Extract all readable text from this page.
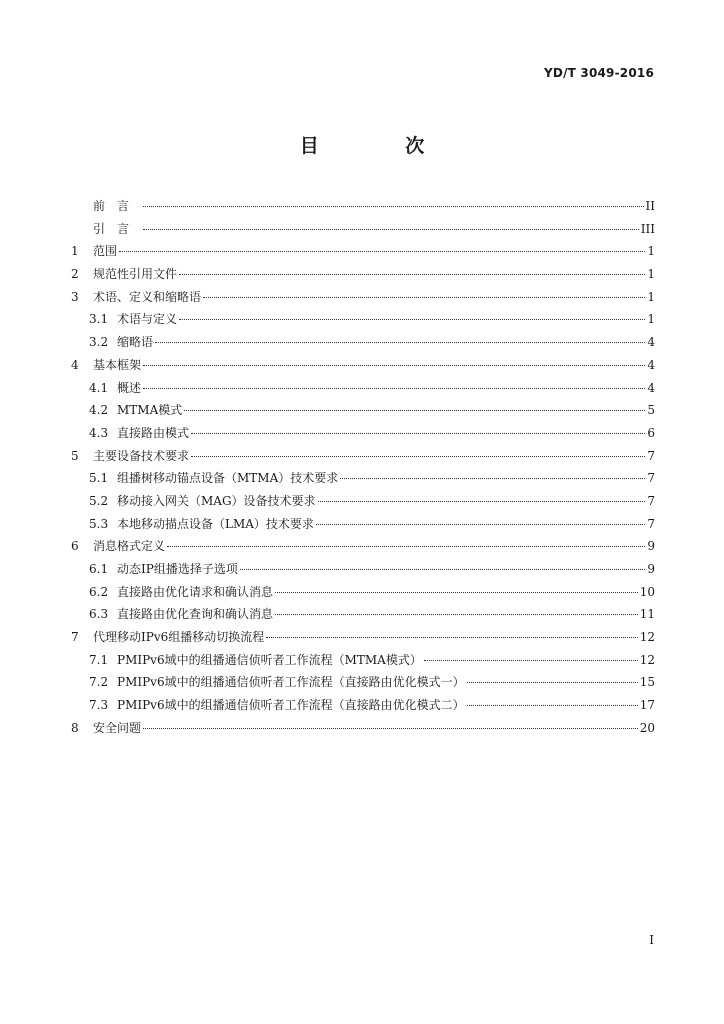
YD/T 3049-2016
目 次
前言	II
引言	III
1	范围	1
2	规范性引用文件	1
3	术语、定义和缩略语	1
3.1 术语与定义	1
3.2 缩略语	4
4	基本框架	4
4.1 概述	4
4.2 MTMA模式	5
4.3 直接路由模式	6
5	主要设备技术要求	7
5.1 组播树移动锚点设备（MTMA）技术要求	7
5.2 移动接入网关（MAG）设备技术要求	7
5.3 本地移动描点设备（LMA）技术要求	7
6	消息格式定义	9
6.1 动态IP组播选择子选项	9
6.2 直接路由优化请求和确认消息	10
6.3 直接路由优化查询和确认消息	11
7	代理移动IPv6组播移动切换流程	12
7.1 PMIPv6域中的组播通信侦听者工作流程（MTMA模式）	12
7.2 PMIPv6域中的组播通信侦听者工作流程（直接路由优化模式一）	15
7.3 PMIPv6域中的组播通信侦听者工作流程（直接路由优化模式二）	17
8	安全问题	20
I
